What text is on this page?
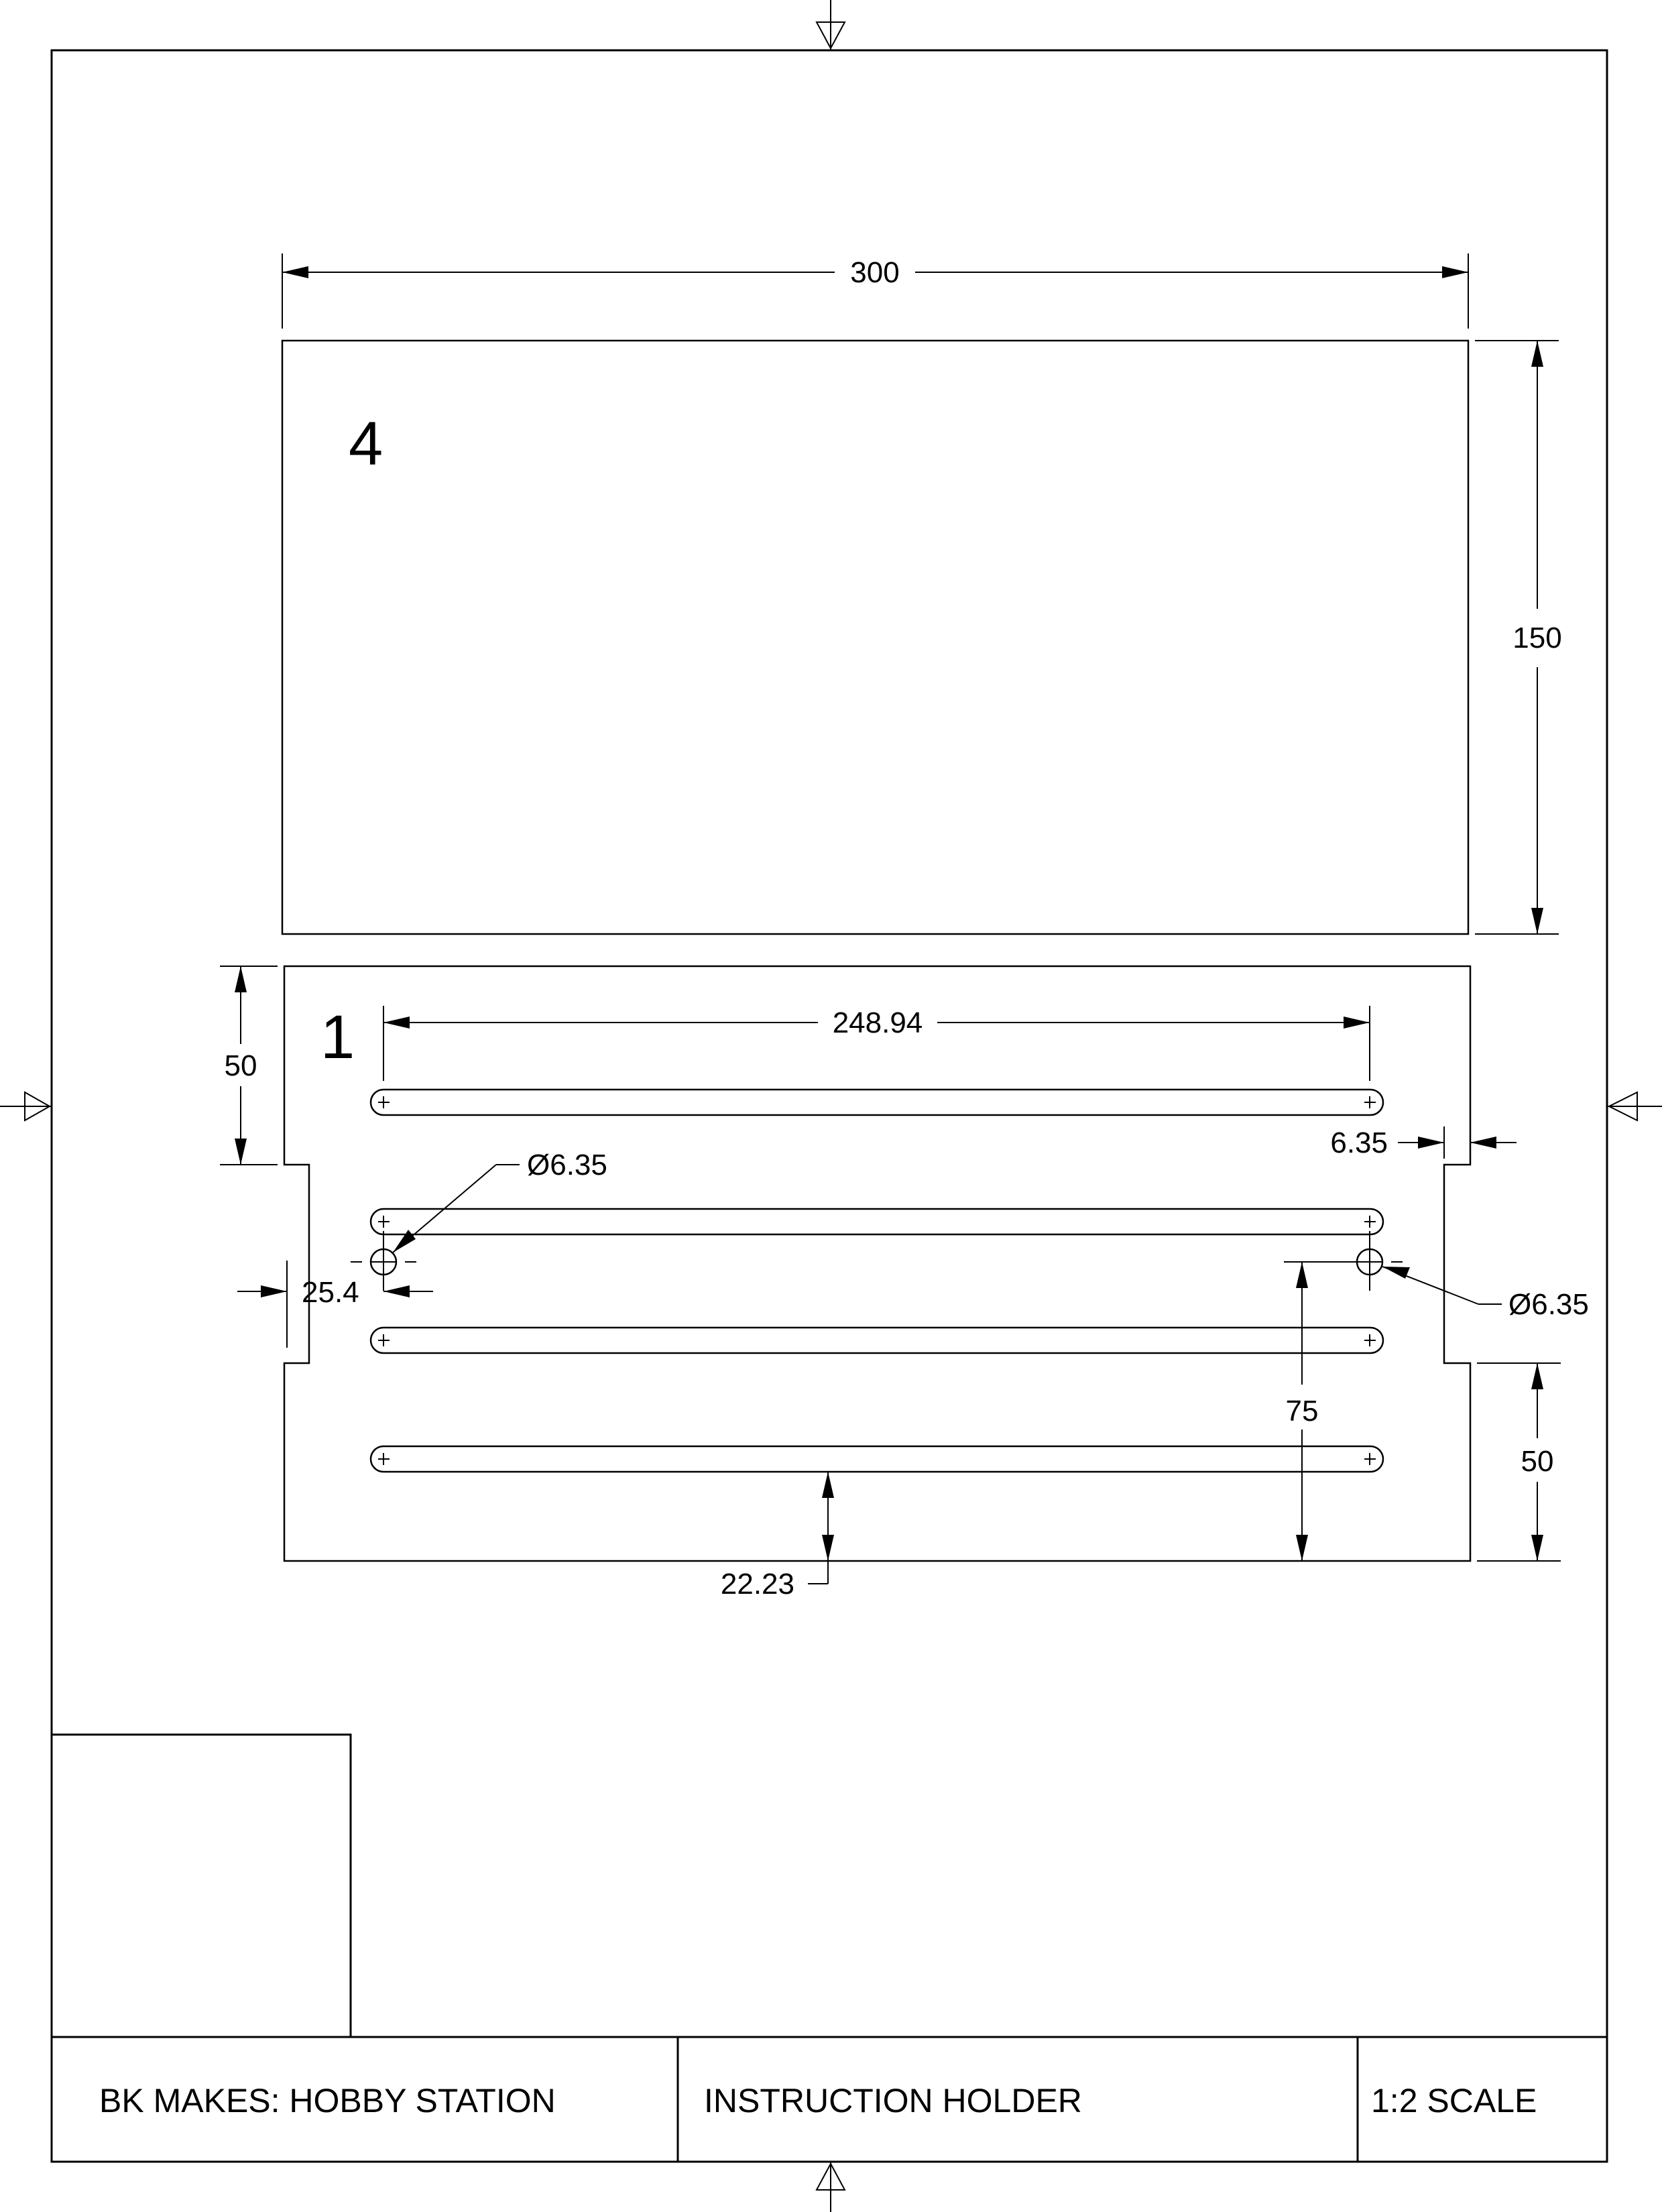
4
300
150
1	248.94
50
6.35
25.4
Ø6.35
Ø6.35
75
50
22.23
BK MAKES: HOBBY STATION	INSTRUCTION HOLDER	1:2 SCALE
